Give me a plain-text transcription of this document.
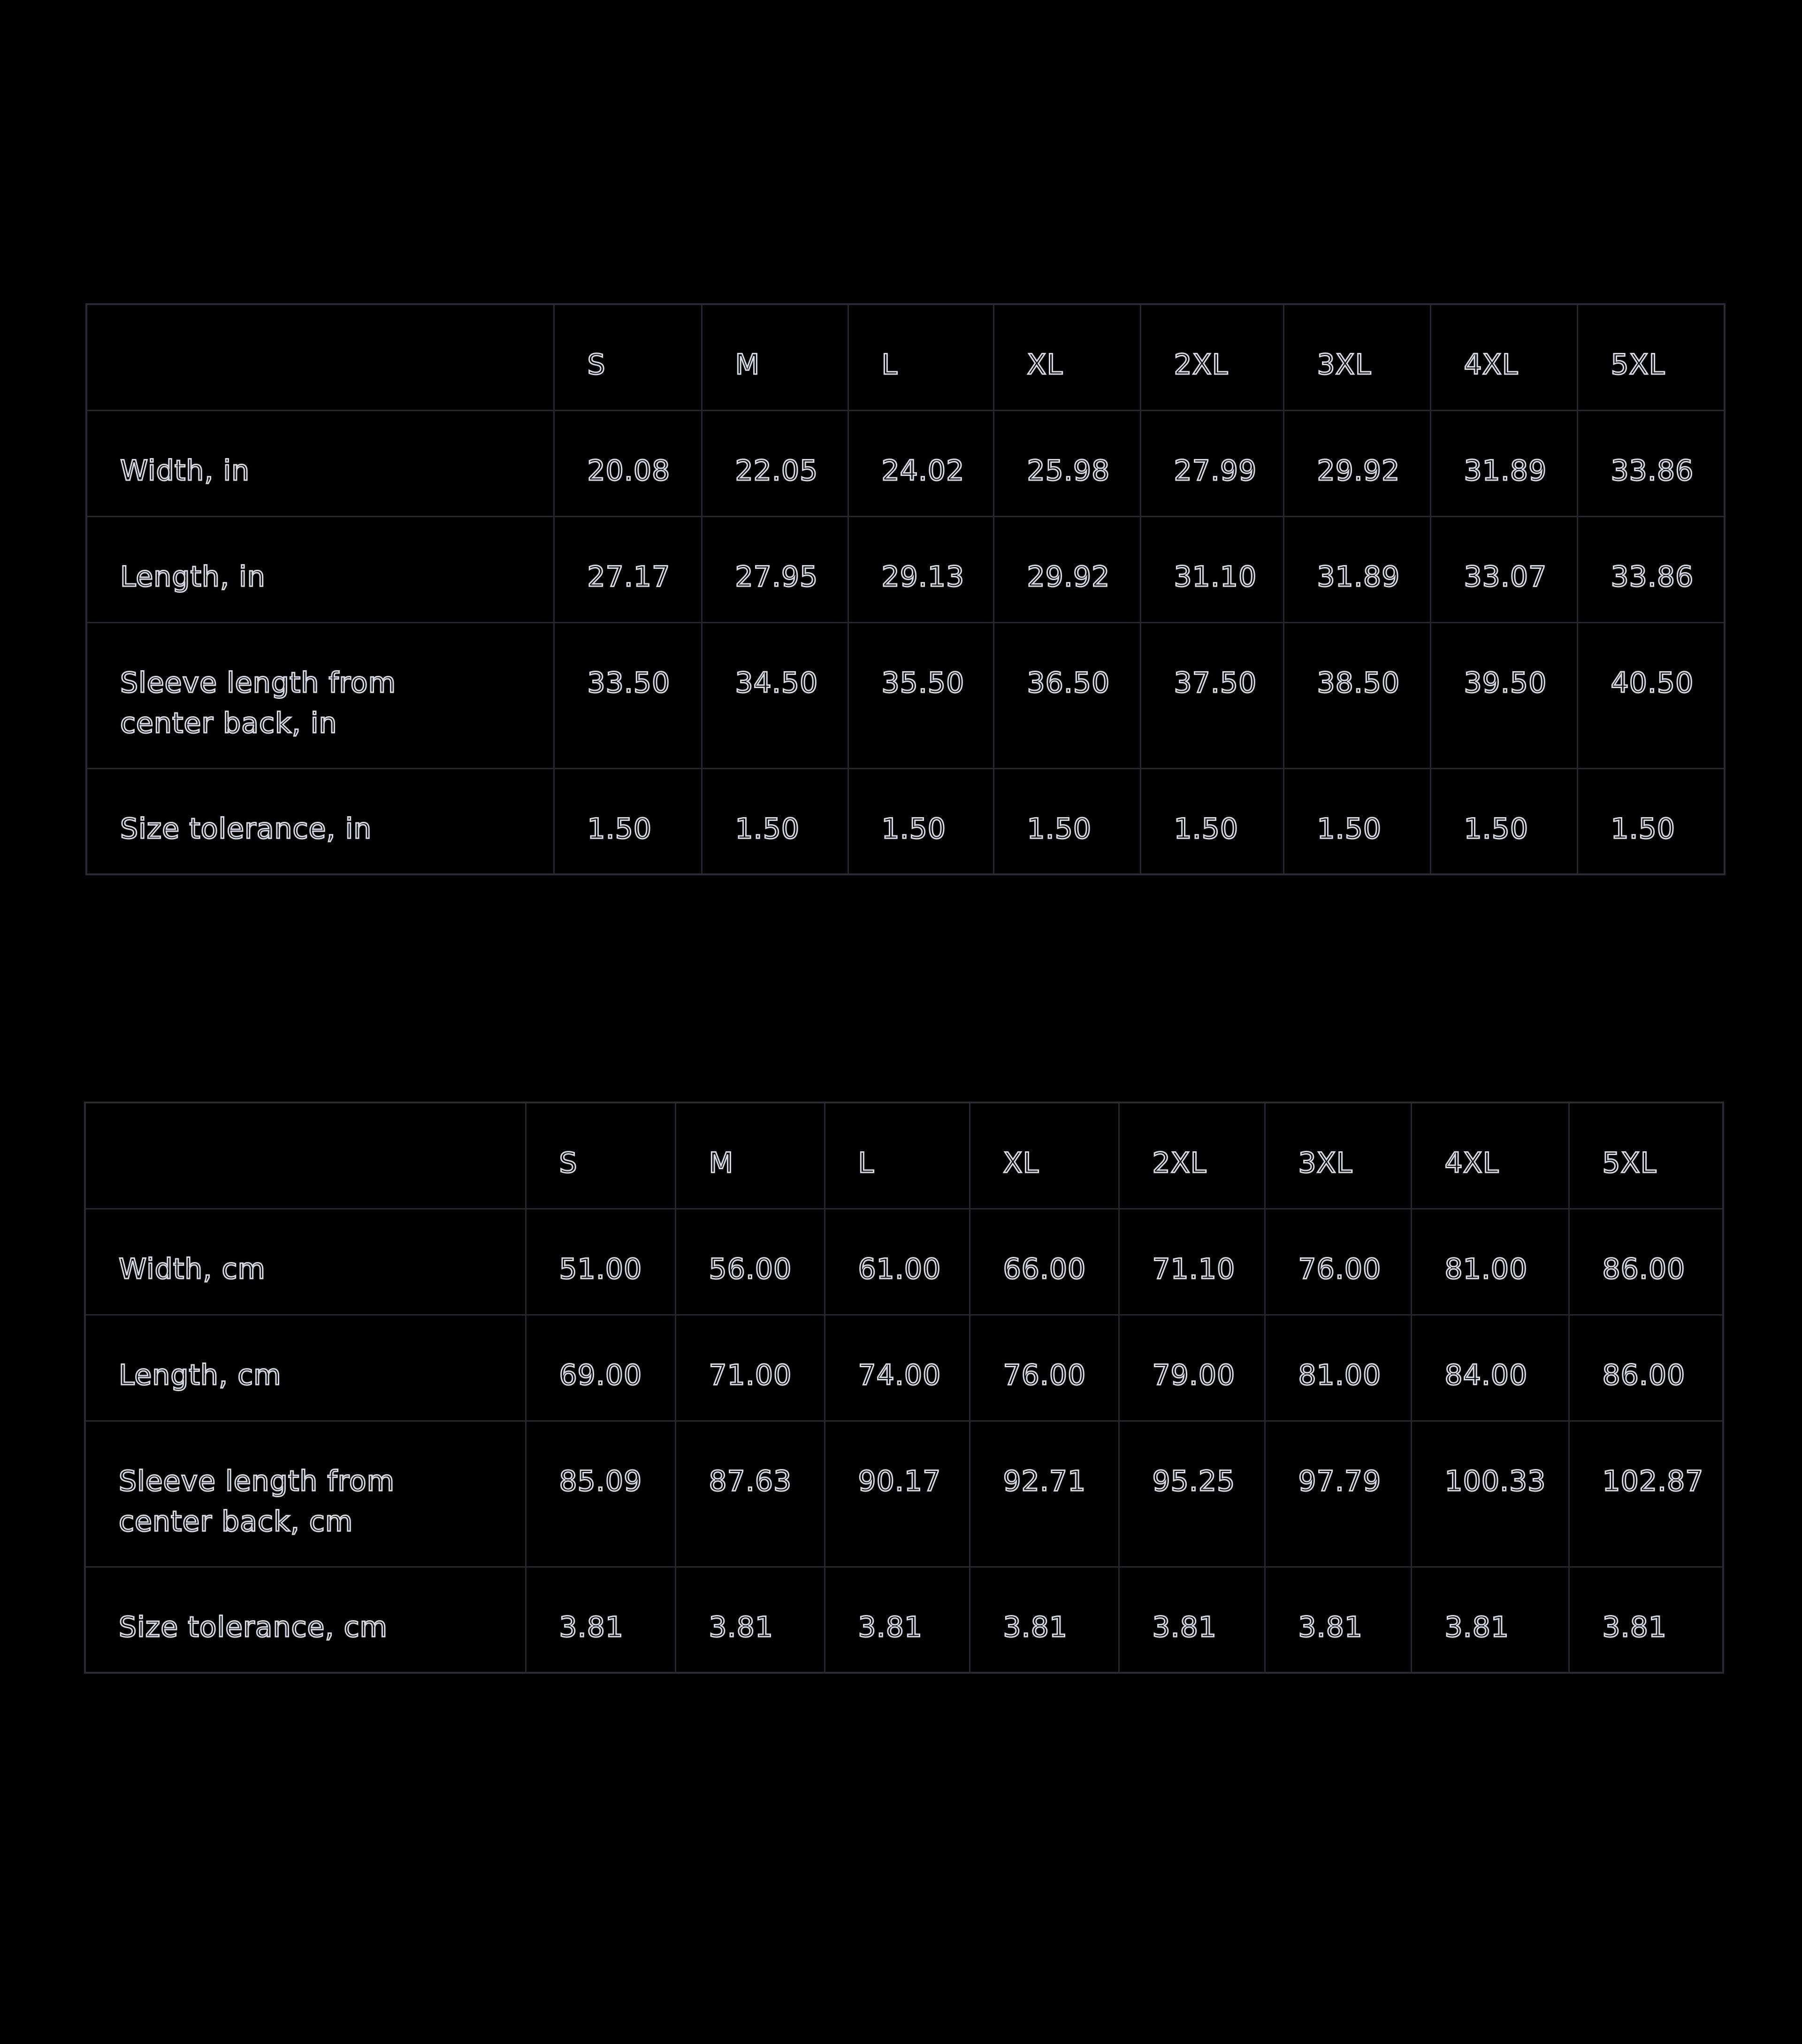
	S	M	L	XL	2XL	3XL	4XL	5XL
Width, in	20.08	22.05	24.02	25.98	27.99	29.92	31.89	33.86
Length, in	27.17	27.95	29.13	29.92	31.10	31.89	33.07	33.86
Sleeve length from center back, in	33.50	34.50	35.50	36.50	37.50	38.50	39.50	40.50
Size tolerance, in	1.50	1.50	1.50	1.50	1.50	1.50	1.50	1.50
	S	M	L	XL	2XL	3XL	4XL	5XL
Width, cm	51.00	56.00	61.00	66.00	71.10	76.00	81.00	86.00
Length, cm	69.00	71.00	74.00	76.00	79.00	81.00	84.00	86.00
Sleeve length from center back, cm	85.09	87.63	90.17	92.71	95.25	97.79	100.33	102.87
Size tolerance, cm	3.81	3.81	3.81	3.81	3.81	3.81	3.81	3.81
